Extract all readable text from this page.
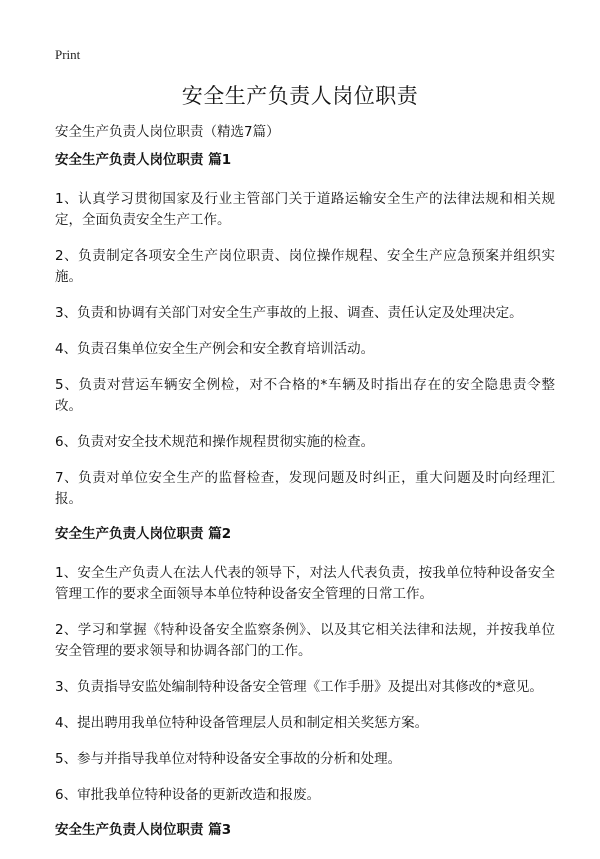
Print
安全生产负责人岗位职责

安全生产负责人岗位职责（精选7篇）

安全生产负责人岗位职责 篇1

1、认真学习贯彻国家及行业主管部门关于道路运输安全生产的法律法规和相关规定，全面负责安全生产工作。

2、负责制定各项安全生产岗位职责、岗位操作规程、安全生产应急预案并组织实施。

3、负责和协调有关部门对安全生产事故的上报、调查、责任认定及处理决定。

4、负责召集单位安全生产例会和安全教育培训活动。

5、负责对营运车辆安全例检，对不合格的*车辆及时指出存在的安全隐患责令整改。

6、负责对安全技术规范和操作规程贯彻实施的检查。

7、负责对单位安全生产的监督检查，发现问题及时纠正，重大问题及时向经理汇报。

安全生产负责人岗位职责 篇2

1、安全生产负责人在法人代表的领导下，对法人代表负责，按我单位特种设备安全管理工作的要求全面领导本单位特种设备安全管理的日常工作。

2、学习和掌握《特种设备安全监察条例》、以及其它相关法律和法规，并按我单位安全管理的要求领导和协调各部门的工作。

3、负责指导安监处编制特种设备安全管理《工作手册》及提出对其修改的*意见。

4、提出聘用我单位特种设备管理层人员和制定相关奖惩方案。

5、参与并指导我单位对特种设备安全事故的分析和处理。

6、审批我单位特种设备的更新改造和报废。

安全生产负责人岗位职责 篇3
